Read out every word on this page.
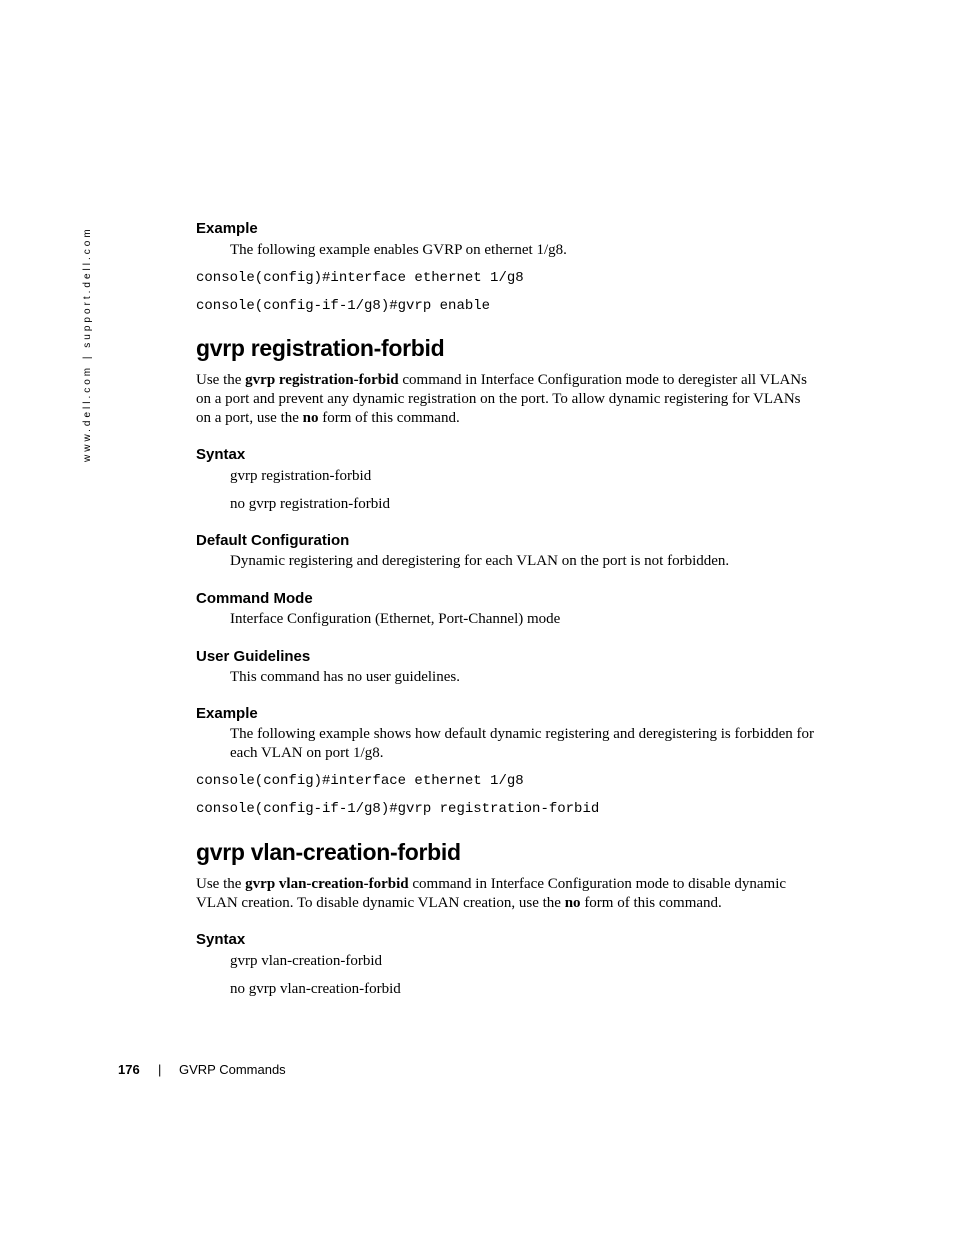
www.dell.com | support.dell.com	Example
The following example enables GVRP on ethernet 1/g8.
console(config)#interface ethernet 1/g8
console(config-if-1/g8)#gvrp enable
gvrp registration-forbid
Use the gvrp registration-forbid command in Interface Configuration mode to deregister all VLANs on a port and prevent any dynamic registration on the port. To allow dynamic registering for VLANs on a port, use the no form of this command.
Syntax
gvrp registration-forbid
no gvrp registration-forbid
Default Configuration
Dynamic registering and deregistering for each VLAN on the port is not forbidden.
Command Mode
Interface Configuration (Ethernet, Port-Channel) mode
User Guidelines
This command has no user guidelines.
Example
The following example shows how default dynamic registering and deregistering is forbidden for each VLAN on port 1/g8.
console(config)#interface ethernet 1/g8
console(config-if-1/g8)#gvrp registration-forbid
gvrp vlan-creation-forbid
Use the gvrp vlan-creation-forbid command in Interface Configuration mode to disable dynamic VLAN creation. To disable dynamic VLAN creation, use the no form of this command.
Syntax
gvrp vlan-creation-forbid
no gvrp vlan-creation-forbid
176 | GVRP Commands
